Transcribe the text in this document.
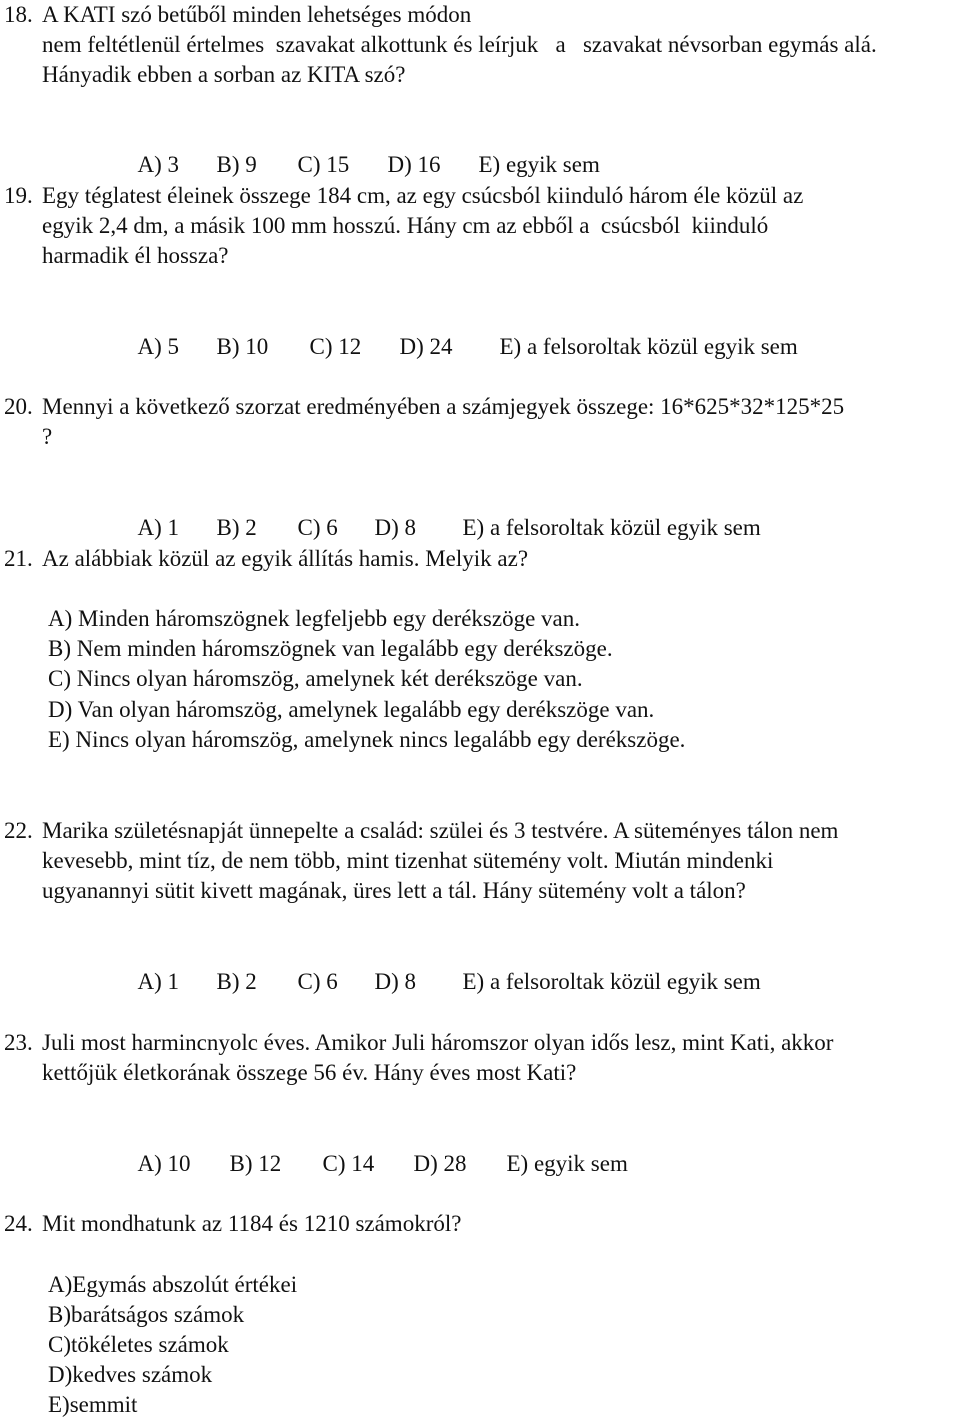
18. A KATI szó betűből minden lehetséges módon
nem feltétlenül értelmes  szavakat alkottunk és leírjuk   a   szavakat névsorban egymás alá.
Hányadik ebben a sorban az KITA szó?

A) 3 B) 9 C) 15 D) 16 E) egyik sem

19. Egy téglatest éleinek összege 184 cm, az egy csúcsból kiinduló három éle közül az
egyik 2,4 dm, a másik 100 mm hosszú. Hány cm az ebből a  csúcsból  kiinduló
harmadik él hossza?

A) 5 B) 10 C) 12 D) 24 E) a felsoroltak közül egyik sem

20. Mennyi a következő szorzat eredményében a számjegyek összege: 16*625*32*125*25
?

A) 1 B) 2 C) 6 D) 8 E) a felsoroltak közül egyik sem

21. Az alábbiak közül az egyik állítás hamis. Melyik az?
A) Minden háromszögnek legfeljebb egy derékszöge van.
B) Nem minden háromszögnek van legalább egy derékszöge.
C) Nincs olyan háromszög, amelynek két derékszöge van.
D) Van olyan háromszög, amelynek legalább egy derékszöge van.
E) Nincs olyan háromszög, amelynek nincs legalább egy derékszöge.
22. Marika születésnapját ünnepelte a család: szülei és 3 testvére. A süteményes tálon nem
kevesebb, mint tíz, de nem több, mint tizenhat sütemény volt. Miután mindenki
ugyanannyi sütit kivett magának, üres lett a tál. Hány sütemény volt a tálon?

A) 1 B) 2 C) 6 D) 8 E) a felsoroltak közül egyik sem

23. Juli most harmincnyolc éves. Amikor Juli háromszor olyan idős lesz, mint Kati, akkor
kettőjük életkorának összege 56 év. Hány éves most Kati?

A) 10 B) 12 C) 14 D) 28 E) egyik sem

24. Mit mondhatunk az 1184 és 1210 számokról?
A)Egymás abszolút értékei
B)barátságos számok
C)tökéletes számok
D)kedves számok
E)semmit
